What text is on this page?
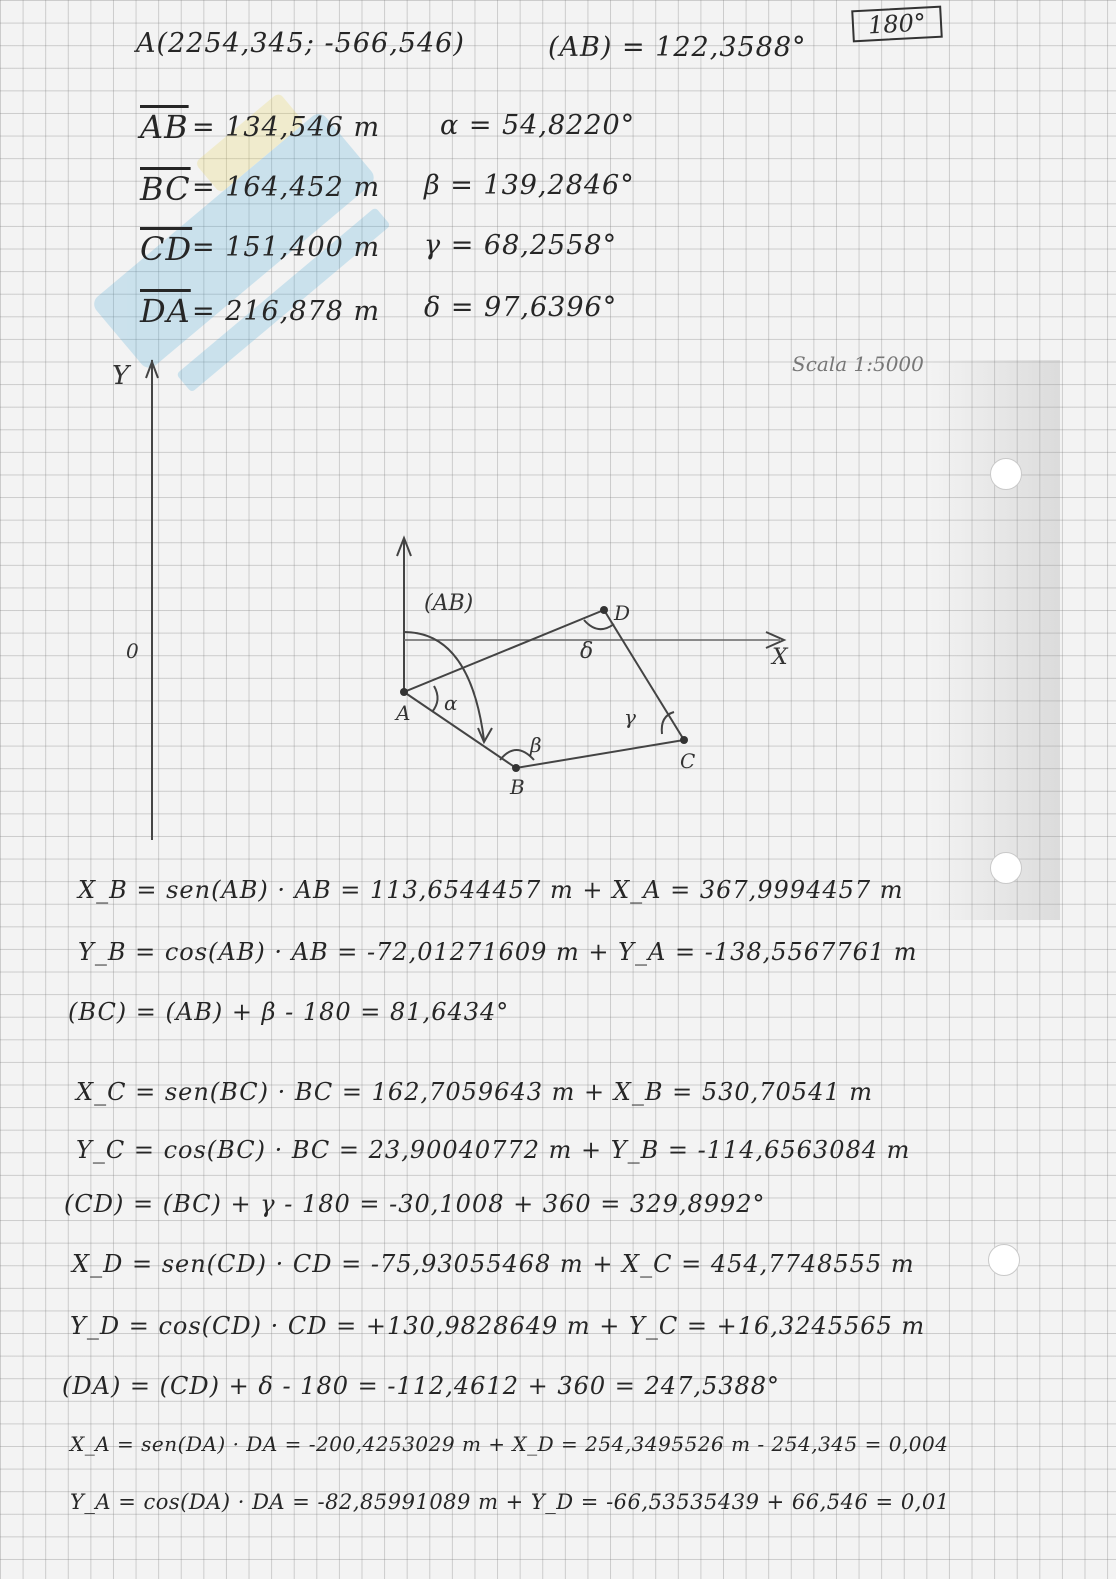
A(2254,345; -566,546)	(AB) = 122,3588°
180°
$\overline{AB} = 134,546$ m α = 54,8220°
$\overline{BC} = 164,452$ m β = 139,2846°
$\overline{CD} = 151,400$ m γ = 68,2558°
$\overline{DA} = 216,878$ m δ = 97,6396°
Scala 1:5000
Y
X
0
(AB)
A
B
C
D
α
β
γ
δ
X_B = sen(AB) · AB = 113,6544457 m + X_A = 367,9994457 m
Y_B = cos(AB) · AB = -72,01271609 m + Y_A = -138,5567761 m
(BC) = (AB) + β - 180 = 81,6434°
X_C = sen(BC) · BC = 162,7059643 m + X_B = 530,70541 m
Y_C = cos(BC) · BC = 23,90040772 m + Y_B = -114,6563084 m
(CD) = (BC) + γ - 180 = -30,1008 + 360 = 329,8992°
X_D = sen(CD) · CD = -75,93055468 m + X_C = 454,7748555 m
Y_D = cos(CD) · CD = +130,9828649 m + Y_C = +16,3245565 m
(DA) = (CD) + δ - 180 = -112,4612 + 360 = 247,5388°
X_A = sen(DA) · DA = -200,4253029 m + X_D = 254,3495526 m - 254,345 = 0,004
Y_A = cos(DA) · DA = -82,85991089 m + Y_D = -66,53535439 + 66,546 = 0,01
